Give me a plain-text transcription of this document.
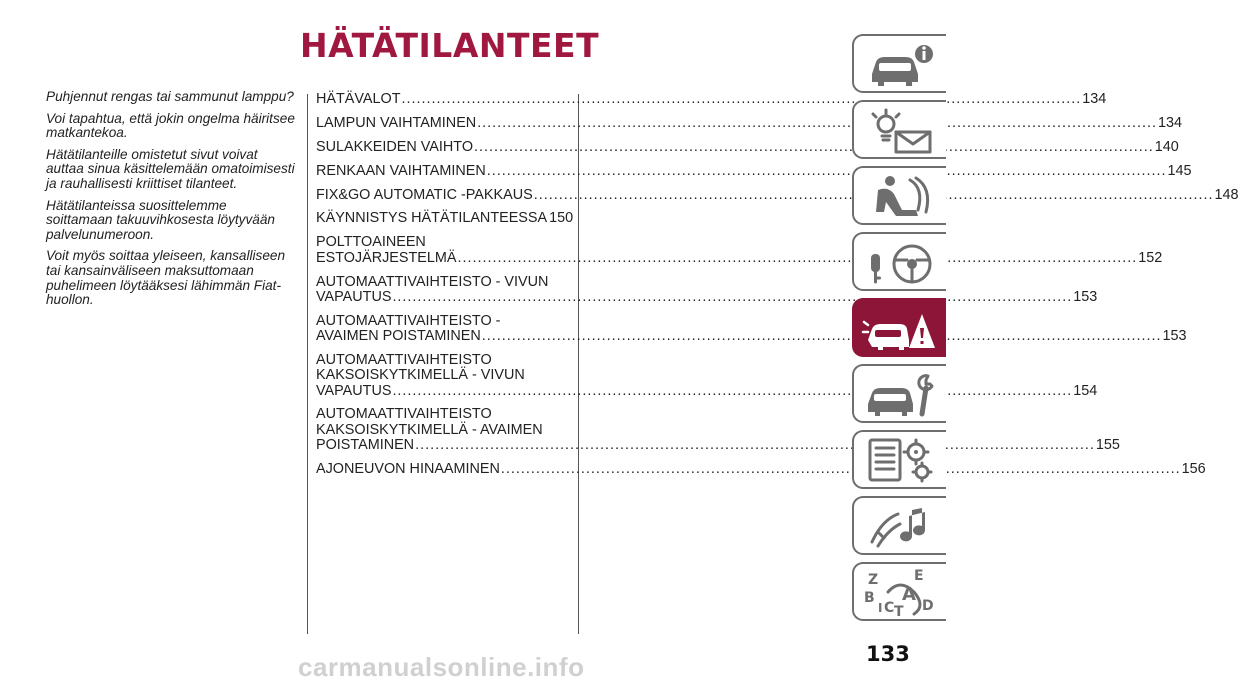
HÄTÄTILANTEET

Puhjennut rengas tai sammunut lamppu?

Voi tapahtua, että jokin ongelma häiritsee matkantekoa.

Hätätilanteille omistetut sivut voivat auttaa sinua käsittelemään omatoimisesti ja rauhallisesti kriittiset tilanteet.

Hätätilanteissa suosittelemme soittamaan takuuvihkosesta löytyvään palvelunumeroon.

Voit myös soittaa yleiseen, kansalliseen tai kansainväliseen maksuttomaan puhelimeen löytääksesi lähimmän Fiat-huollon.

HÄTÄVALOT .....	134
LAMPUN VAIHTAMINEN .....	134
SULAKKEIDEN VAIHTO .....	140
RENKAAN VAIHTAMINEN .....	145
FIX&GO AUTOMATIC -PAKKAUS .....	148
KÄYNNISTYS HÄTÄTILANTEESSA 150
POLTTOAINEEN
ESTOJÄRJESTELMÄ .....	152
AUTOMAATTIVAIHTEISTO - VIVUN
VAPAUTUS .....	153
AUTOMAATTIVAIHTEISTO -
AVAIMEN POISTAMINEN .....	153
AUTOMAATTIVAIHTEISTO
KAKSOISKYTKIMELLÄ - VIVUN
VAPAUTUS .....	154
AUTOMAATTIVAIHTEISTO
KAKSOISKYTKIMELLÄ - AVAIMEN
POISTAMINEN .....	155
AJONEUVON HINAAMINEN .....	156
Z	E
B A
D
I C T
133
carmanualsonline.info
